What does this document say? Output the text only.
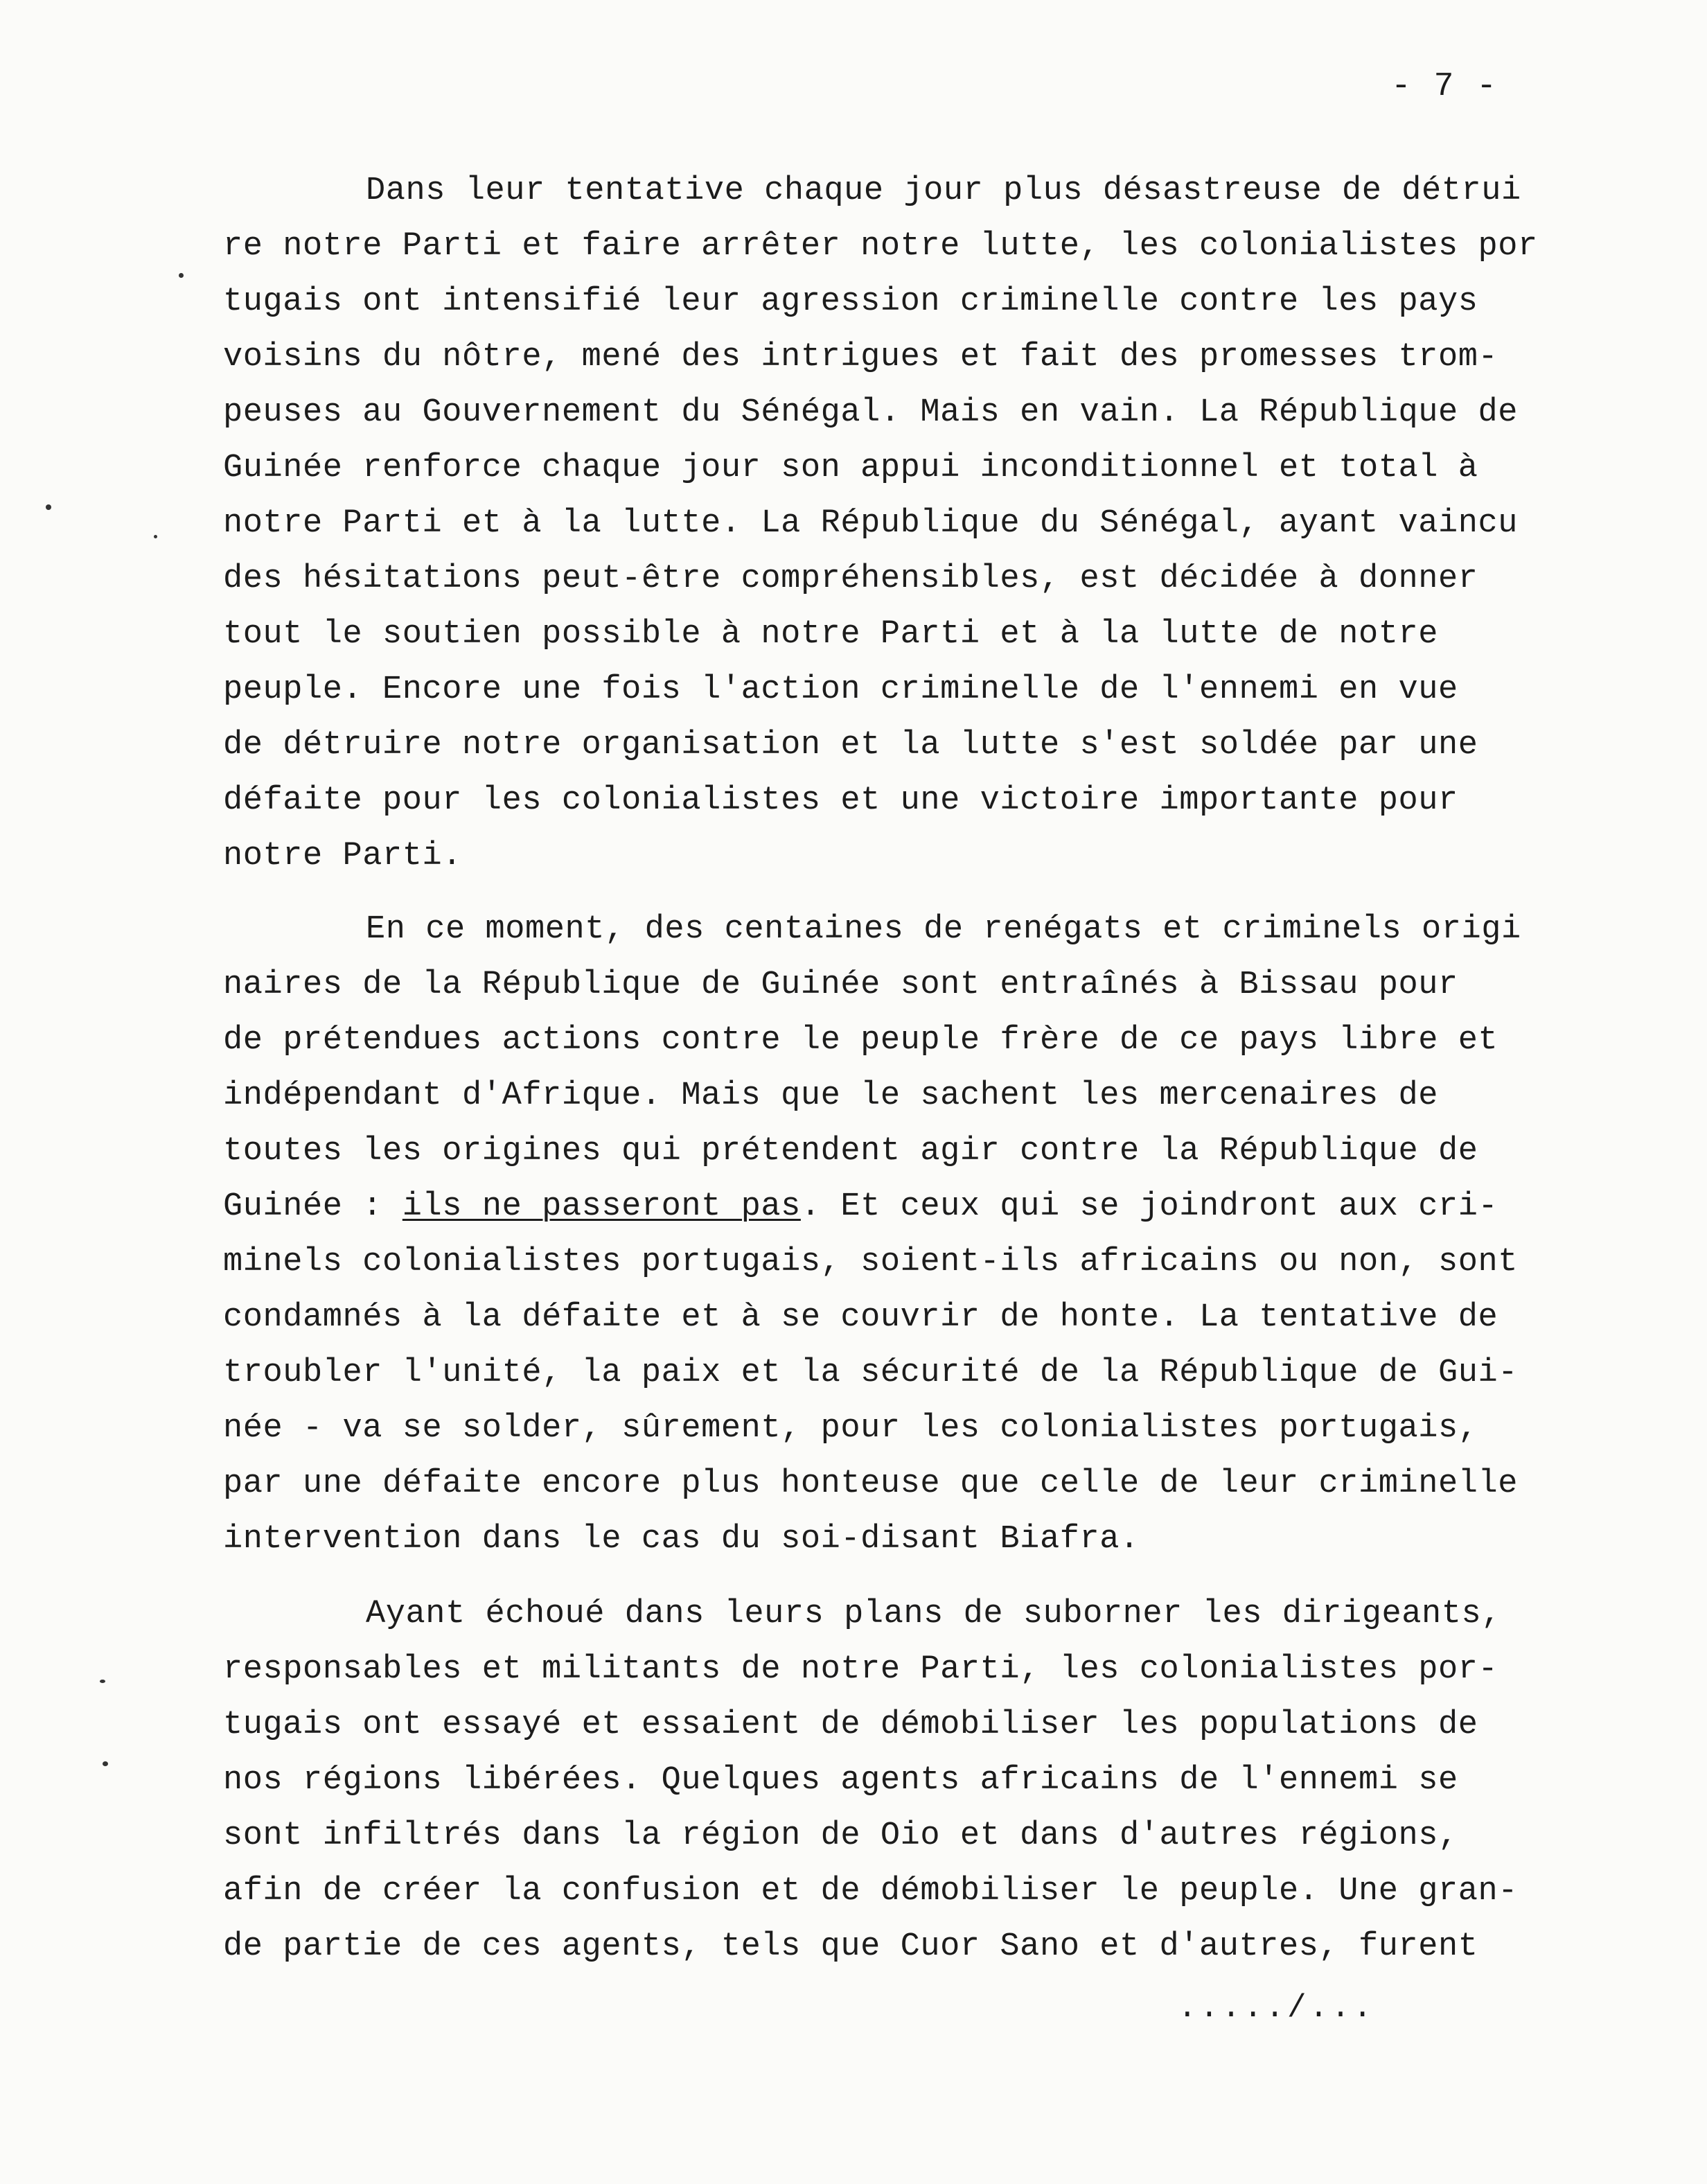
- 7 -
Dans leur tentative chaque jour plus désastreuse de détrui
re notre Parti et faire arrêter notre lutte, les colonialistes por
tugais ont intensifié leur agression criminelle contre les pays
voisins du nôtre, mené des intrigues et fait des promesses trom-
peuses au Gouvernement du Sénégal. Mais en vain. La République de
Guinée renforce chaque jour son appui inconditionnel et total à
notre Parti et à la lutte. La République du Sénégal, ayant vaincu
des hésitations peut-être compréhensibles, est décidée à donner
tout le soutien possible à notre Parti et à la lutte de notre
peuple. Encore une fois l'action criminelle de l'ennemi en vue
de détruire notre organisation et la lutte s'est soldée par une
défaite pour les colonialistes et une victoire importante pour
notre Parti.
En ce moment, des centaines de renégats et criminels origi
naires de la République de Guinée sont entraînés à Bissau pour
de prétendues actions contre le peuple frère de ce pays libre et
indépendant d'Afrique. Mais que le sachent les mercenaires de
toutes les origines qui prétendent agir contre la République de
Guinée : ils ne passeront pas. Et ceux qui se joindront aux cri-
minels colonialistes portugais, soient-ils africains ou non, sont
condamnés à la défaite et à se couvrir de honte. La tentative de
troubler l'unité, la paix et la sécurité de la République de Gui-
née - va se solder, sûrement, pour les colonialistes portugais,
par une défaite encore plus honteuse que celle de leur criminelle
intervention dans le cas du soi-disant Biafra.
Ayant échoué dans leurs plans de suborner les dirigeants,
responsables et militants de notre Parti, les colonialistes por-
tugais ont essayé et essaient de démobiliser les populations de
nos régions libérées. Quelques agents africains de l'ennemi se
sont infiltrés dans la région de Oio et dans d'autres régions,
afin de créer la confusion et de démobiliser le peuple. Une gran-
de partie de ces agents, tels que Cuor Sano et d'autres, furent
...../...
